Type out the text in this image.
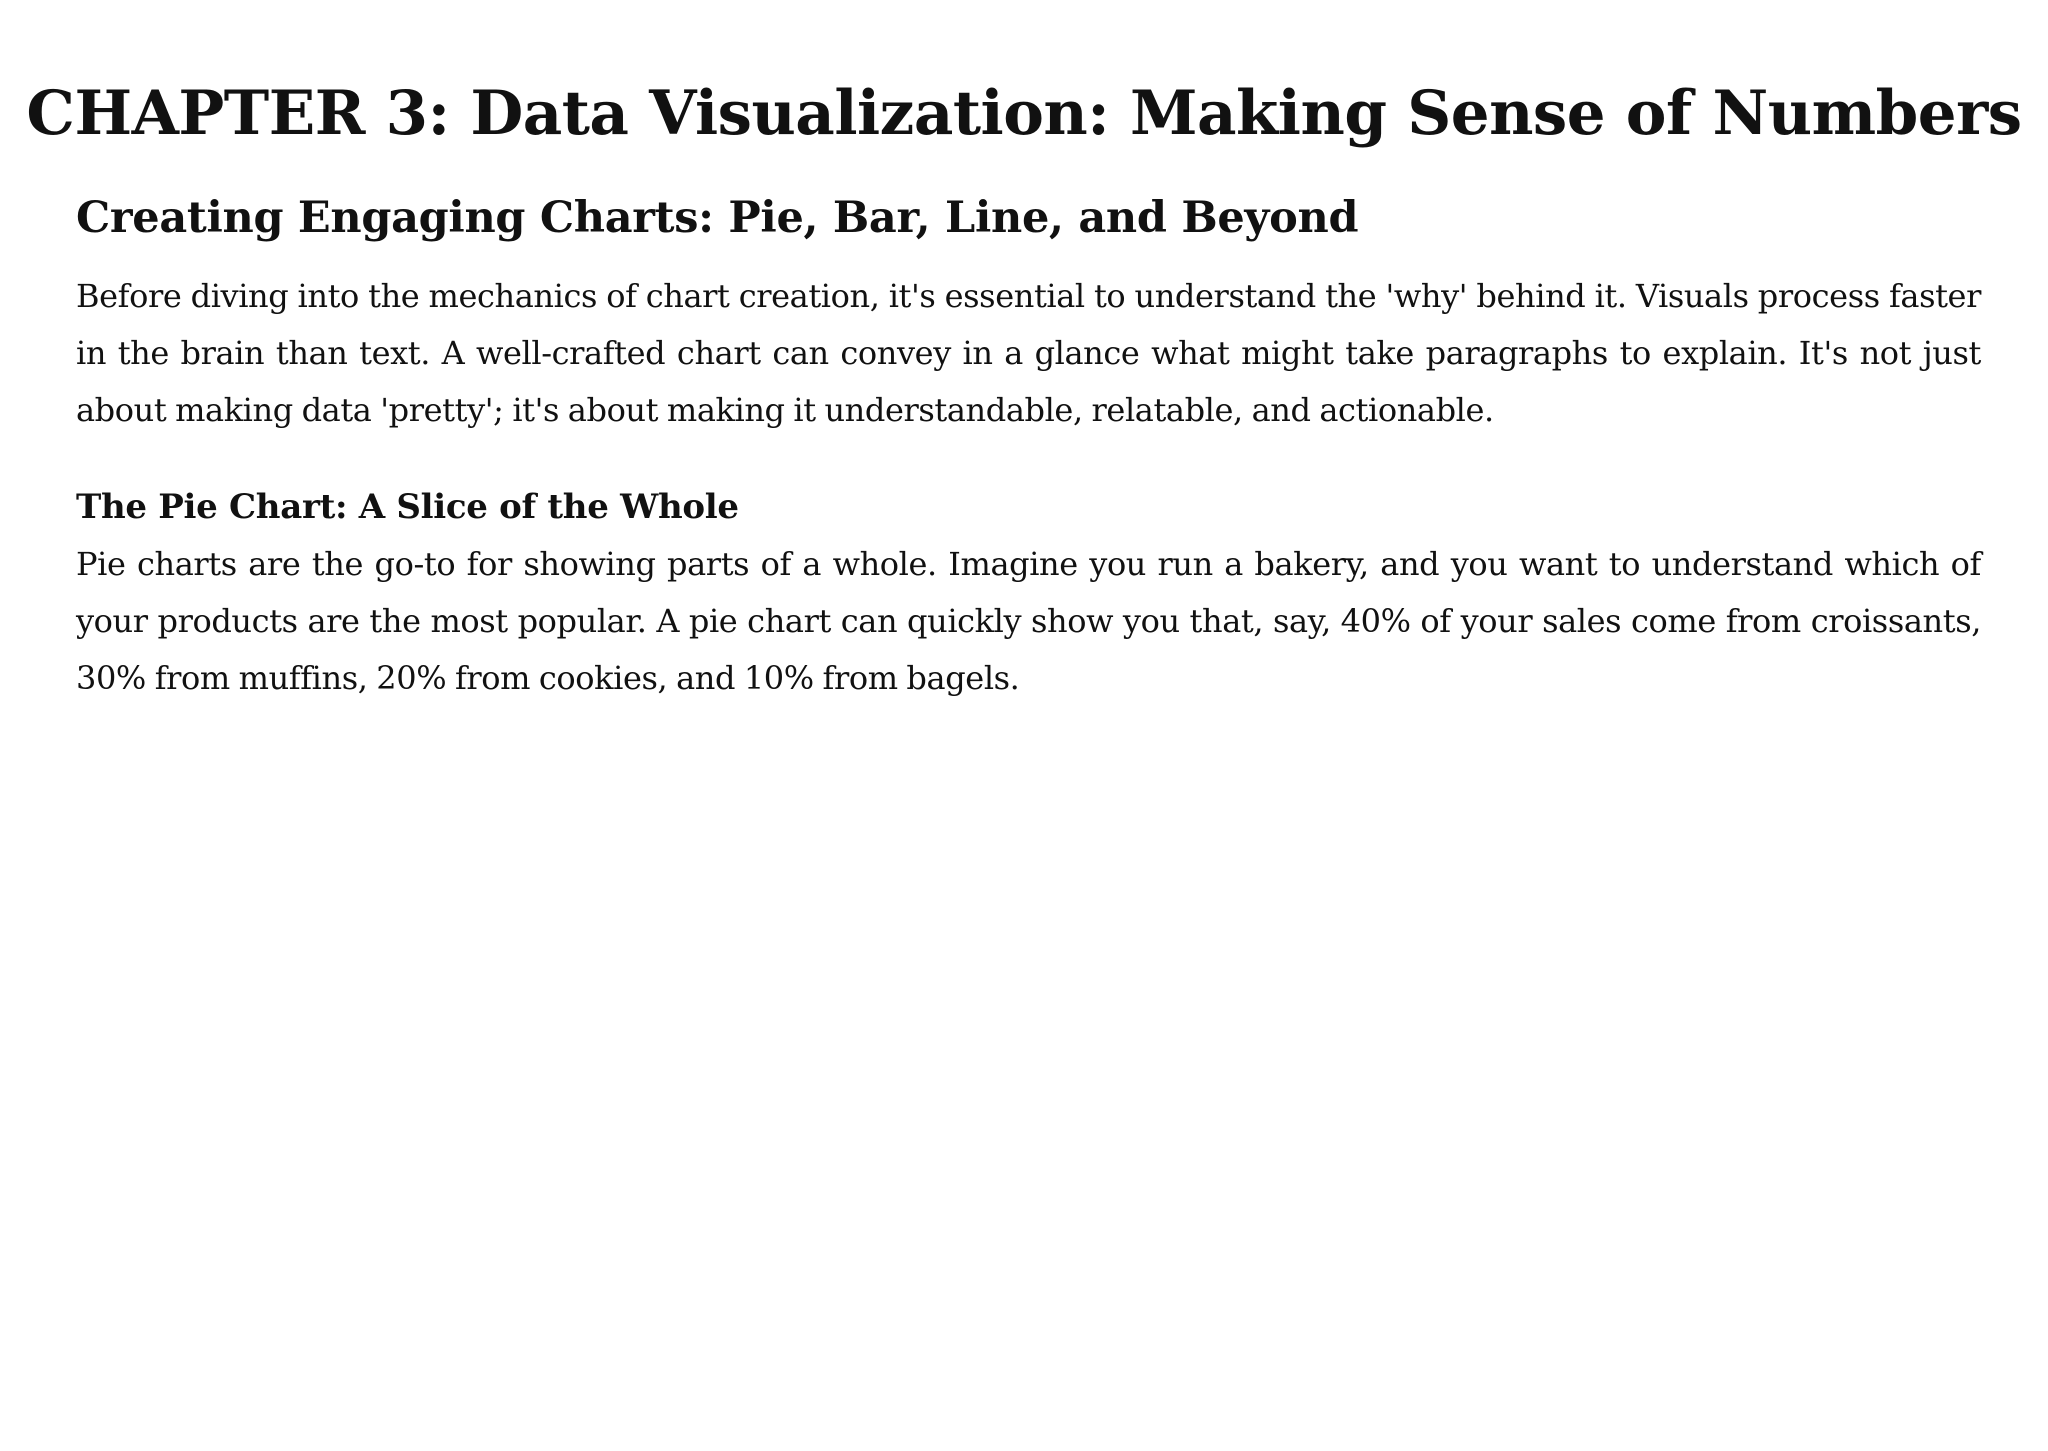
CHAPTER 3: Data Visualization: Making Sense of Numbers
Creating Engaging Charts: Pie, Bar, Line, and Beyond

Before diving into the mechanics of chart creation, it's essential to understand the 'why' behind it. Visuals process faster in the brain than text. A well-crafted chart can convey in a glance what might take paragraphs to explain. It's not just about making data 'pretty'; it's about making it understandable, relatable, and actionable.

The Pie Chart: A Slice of the Whole

Pie charts are the go-to for showing parts of a whole. Imagine you run a bakery, and you want to understand which of your products are the most popular. A pie chart can quickly show you that, say, 40% of your sales come from croissants, 30% from muffins, 20% from cookies, and 10% from bagels.
